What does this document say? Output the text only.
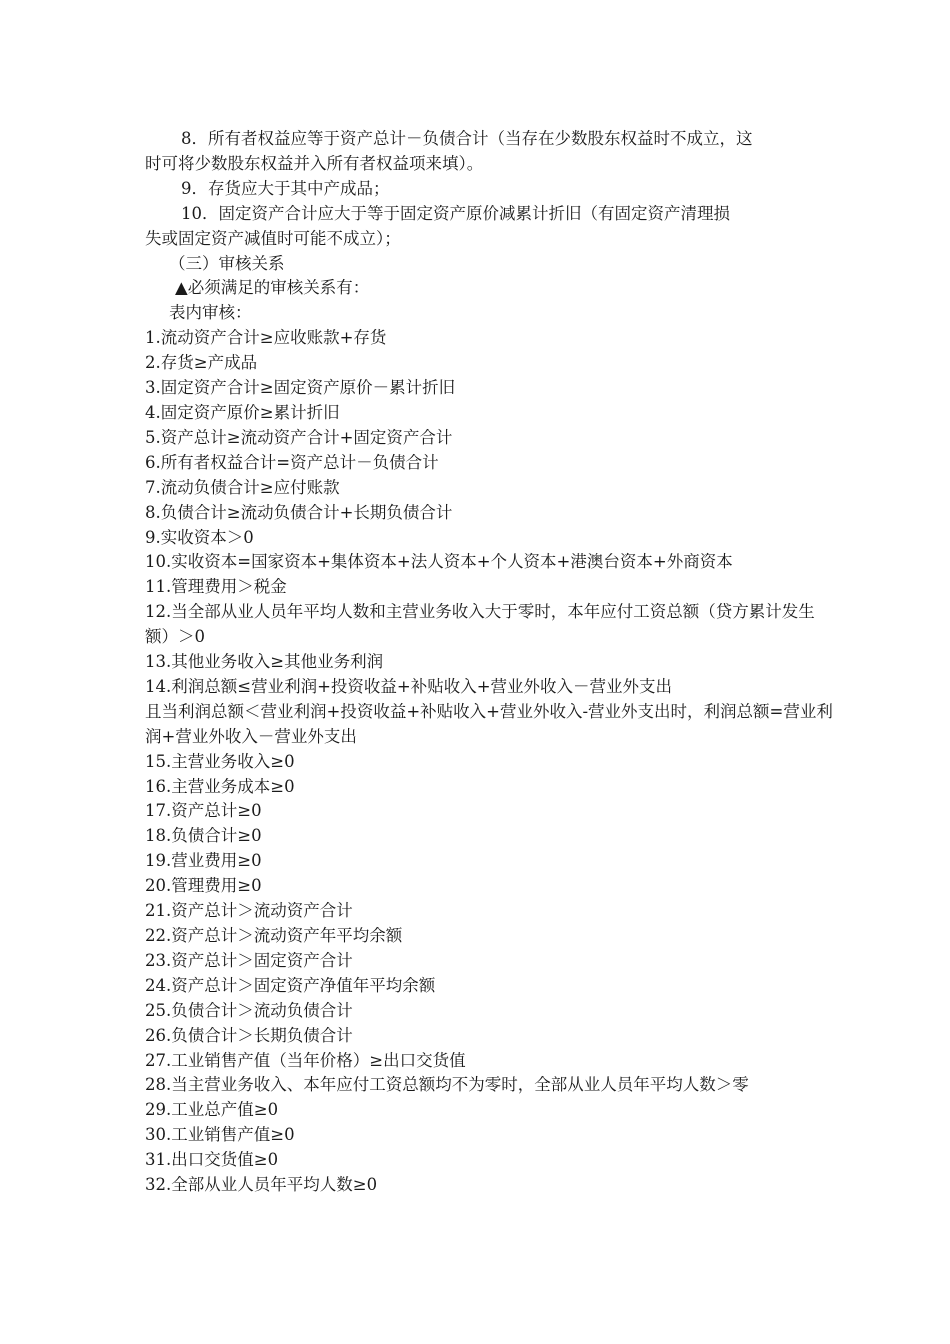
8．所有者权益应等于资产总计－负债合计（当存在少数股东权益时不成立，这

时可将少数股东权益并入所有者权益项来填）。

9．存货应大于其中产成品；

10．固定资产合计应大于等于固定资产原价减累计折旧（有固定资产清理损

失或固定资产减值时可能不成立）；

（三）审核关系

▲必须满足的审核关系有：

表内审核：

1.流动资产合计≥应收账款+存货

2.存货≥产成品

3.固定资产合计≥固定资产原价－累计折旧

4.固定资产原价≥累计折旧

5.资产总计≥流动资产合计+固定资产合计

6.所有者权益合计=资产总计－负债合计

7.流动负债合计≥应付账款

8.负债合计≥流动负债合计+长期负债合计

9.实收资本＞0

10.实收资本=国家资本+集体资本+法人资本+个人资本+港澳台资本+外商资本

11.管理费用＞税金

12.当全部从业人员年平均人数和主营业务收入大于零时，本年应付工资总额（贷方累计发生额）＞0

13.其他业务收入≥其他业务利润

14.利润总额≤营业利润+投资收益+补贴收入+营业外收入－营业外支出

且当利润总额＜营业利润+投资收益+补贴收入+营业外收入-营业外支出时，利润总额=营业利润+营业外收入－营业外支出

15.主营业务收入≥0

16.主营业务成本≥0

17.资产总计≥0

18.负债合计≥0

19.营业费用≥0

20.管理费用≥0

21.资产总计＞流动资产合计

22.资产总计＞流动资产年平均余额

23.资产总计＞固定资产合计

24.资产总计＞固定资产净值年平均余额

25.负债合计＞流动负债合计

26.负债合计＞长期负债合计

27.工业销售产值（当年价格）≥出口交货值

28.当主营业务收入、本年应付工资总额均不为零时，全部从业人员年平均人数＞零

29.工业总产值≥0

30.工业销售产值≥0

31.出口交货值≥0

32.全部从业人员年平均人数≥0
